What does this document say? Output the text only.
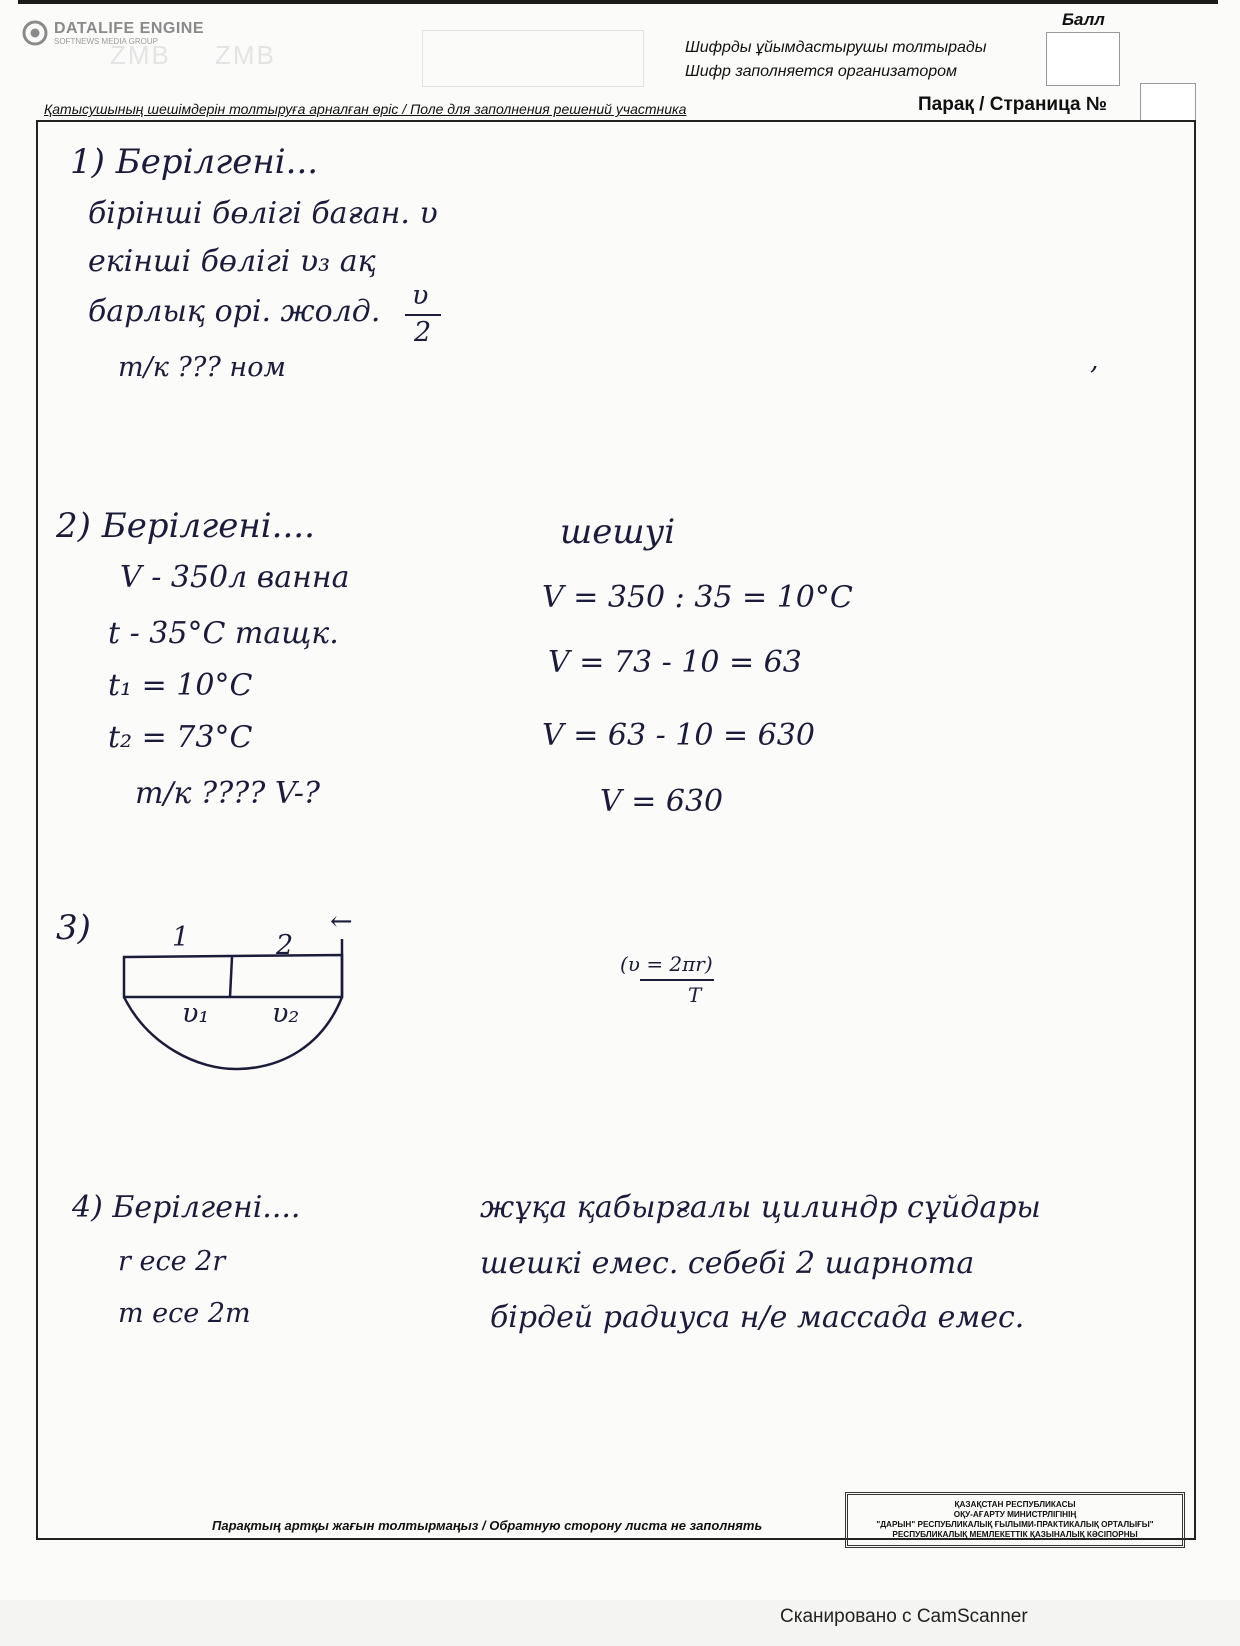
DATALIFE ENGINE
SOFTNEWS MEDIA GROUP
ZMB ZMB	Шифрды ұйымдастырушы толтырады
Шифр заполняется организатором
Балл
Қатысушының шешімдерін толтыруға арналған өріс / Поле для заполнения решений участника	Парақ / Страница №
1) Берілгені...
бірінші бөлігі баған. υ
екінші бөлігі υ₃ ақ
барлық орі. жолд. υ
2
m/к ??? ном	,
2) Берілгені....
V - 350л ванна
t - 35°С тащк.
t₁ = 10°С
t₂ = 73°С
m/к ???? V-?
шешуі
V = 350 : 35 = 10°С
V = 73 - 10 = 63
V = 63 - 10 = 630
V = 630
3)	1	2
υ₁ υ₂
←
(υ = 2πr)
T
4) Берілгені....
r есе 2r
m есе 2m
жұқа қабырғалы цилиндр сұйдары
шешкі емес. себебі 2 шарнота
бірдей радиуса н/е массада емес.
Парақтың артқы жағын толтырмаңыз / Обратную сторону листа не заполнять
ҚАЗАҚСТАН РЕСПУБЛИКАСЫ
ОҚУ-АҒАРТУ МИНИСТРЛІГІНІҢ
"ДАРЫН" РЕСПУБЛИКАЛЫҚ ҒЫЛЫМИ-ПРАКТИКАЛЫҚ ОРТАЛЫҒЫ"
РЕСПУБЛИКАЛЫҚ МЕМЛЕКЕТТІК ҚАЗЫНАЛЫҚ КӘСІПОРНЫ
Сканировано с CamScanner
